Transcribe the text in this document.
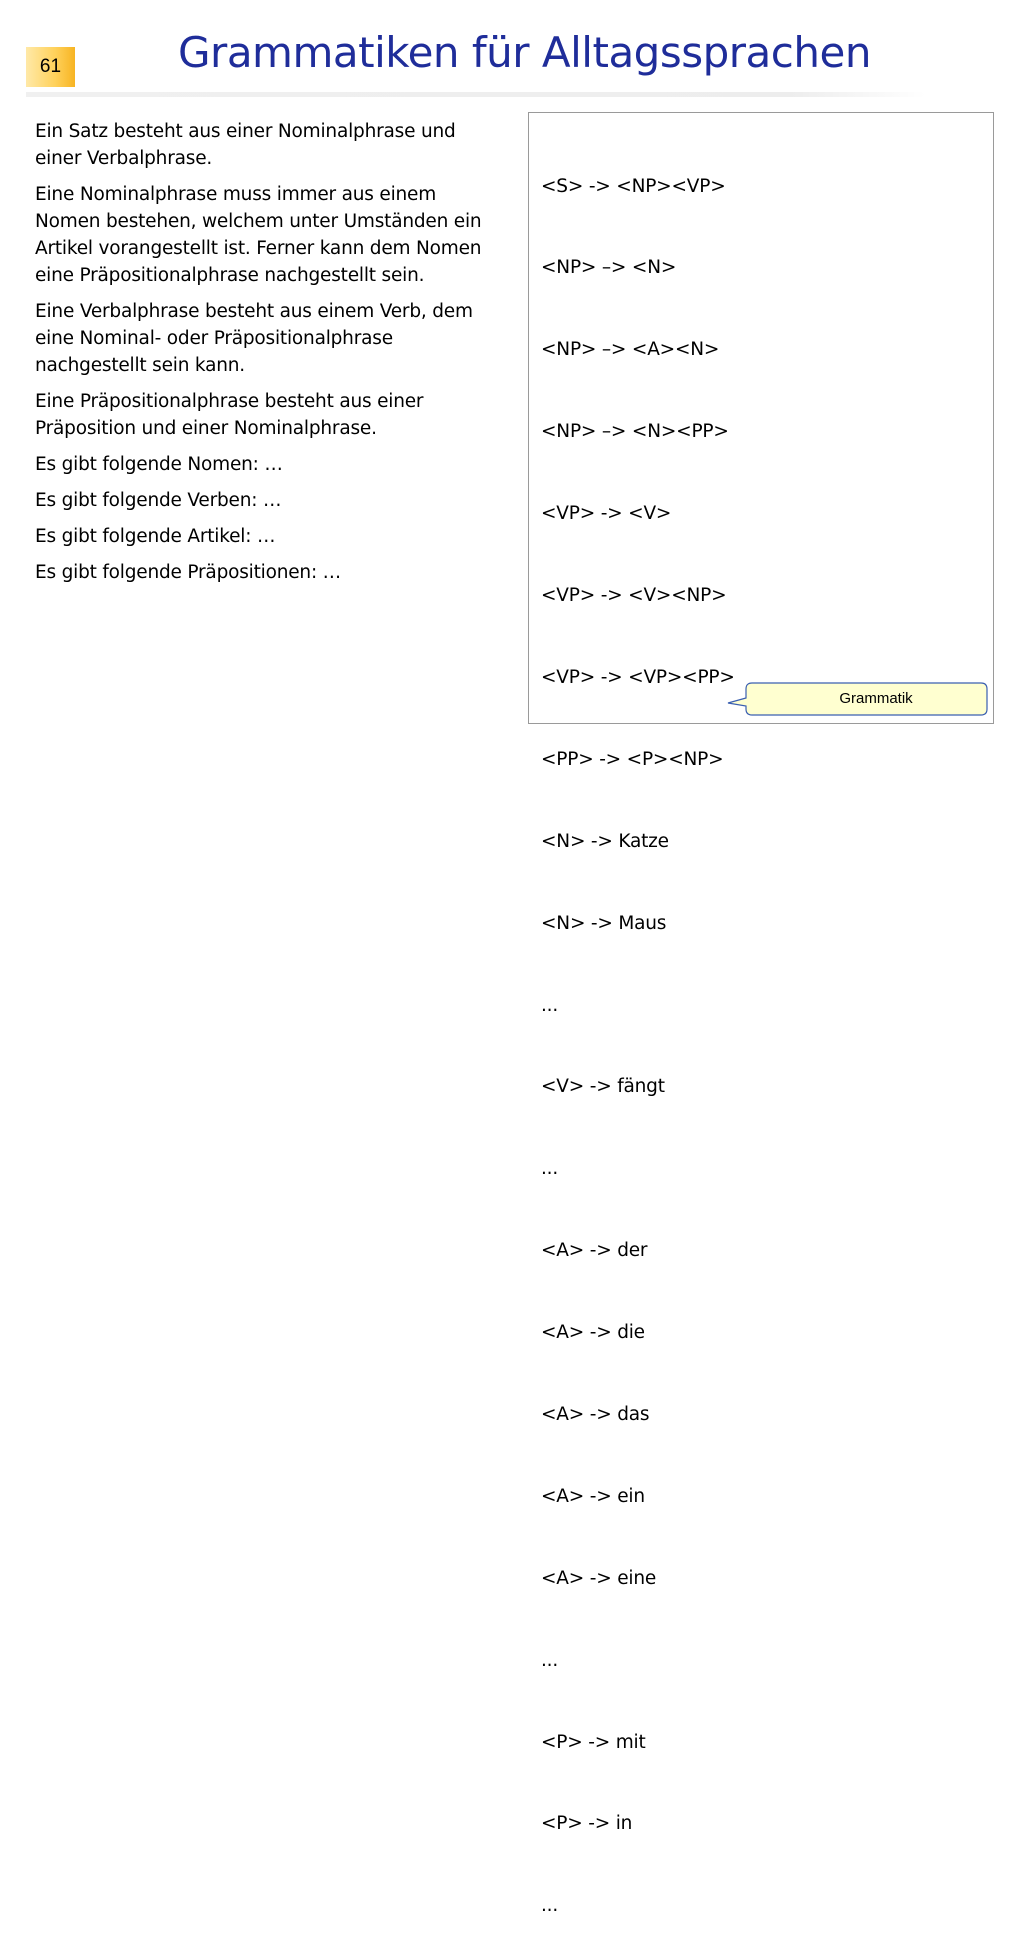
61	Grammatiken für Alltagssprachen

Ein Satz besteht aus einer Nominalphrase und einer Verbalphrase.

Eine Nominalphrase muss immer aus einem Nomen bestehen, welchem unter Umständen ein Artikel vorangestellt ist. Ferner kann dem Nomen eine Präpositionalphrase nachgestellt sein.

Eine Verbalphrase besteht aus einem Verb, dem eine Nominal- oder Präpositionalphrase nachgestellt sein kann.

Eine Präpositionalphrase besteht aus einer Präposition und einer Nominalphrase.

Es gibt folgende Nomen: …

Es gibt folgende Verben: …

Es gibt folgende Artikel: …

Es gibt folgende Präpositionen: …

<S> -> <NP><VP>

<NP> –> <N>

<NP> –> <A><N>

<NP> –> <N><PP>

<VP> -> <V>

<VP> -> <V><NP>

<VP> -> <VP><PP>

<PP> -> <P><NP>

<N> -> Katze

<N> -> Maus

...

<V> -> fängt

...

<A> -> der

<A> -> die

<A> -> das

<A> -> ein

<A> -> eine

...

<P> -> mit

<P> -> in

...

Grammatik
